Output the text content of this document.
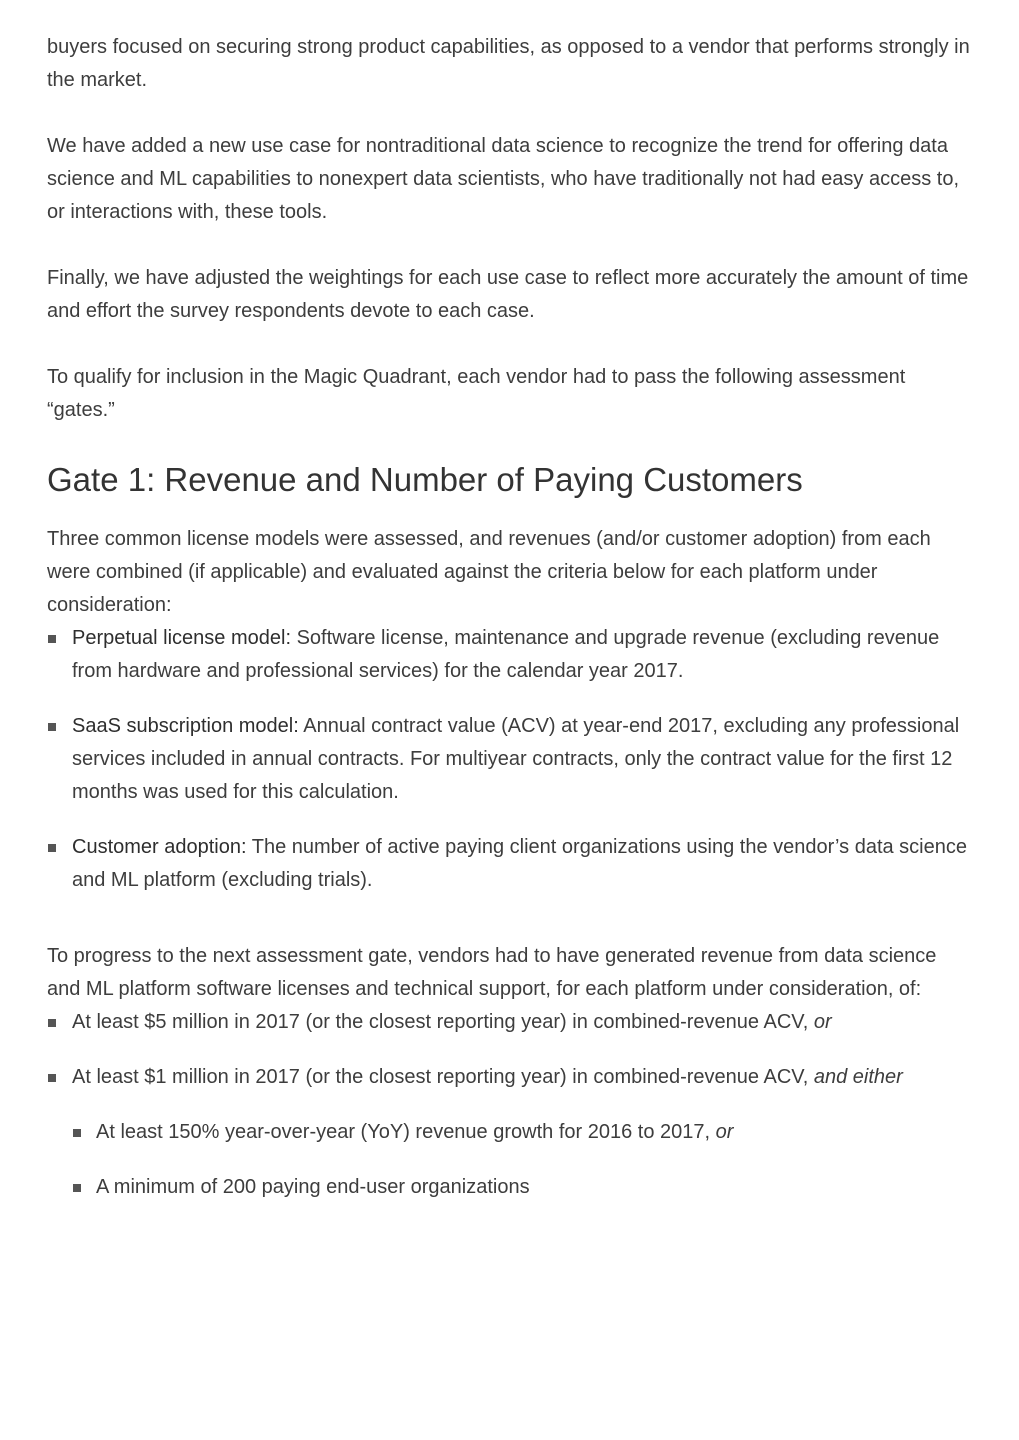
buyers focused on securing strong product capabilities, as opposed to a vendor that performs strongly in the market.

We have added a new use case for nontraditional data science to recognize the trend for offering data science and ML capabilities to nonexpert data scientists, who have traditionally not had easy access to, or interactions with, these tools.

Finally, we have adjusted the weightings for each use case to reflect more accurately the amount of time and effort the survey respondents devote to each case.

To qualify for inclusion in the Magic Quadrant, each vendor had to pass the following assessment “gates.”

Gate 1: Revenue and Number of Paying Customers

Three common license models were assessed, and revenues (and/or customer adoption) from each were combined (if applicable) and evaluated against the criteria below for each platform under consideration:

Perpetual license model: Software license, maintenance and upgrade revenue (excluding revenue from hardware and professional services) for the calendar year 2017.
SaaS subscription model: Annual contract value (ACV) at year-end 2017, excluding any professional services included in annual contracts. For multiyear contracts, only the contract value for the first 12 months was used for this calculation.
Customer adoption: The number of active paying client organizations using the vendor’s data science and ML platform (excluding trials).

To progress to the next assessment gate, vendors had to have generated revenue from data science and ML platform software licenses and technical support, for each platform under consideration, of:

At least $5 million in 2017 (or the closest reporting year) in combined-revenue ACV, or
At least $1 million in 2017 (or the closest reporting year) in combined-revenue ACV, and either
At least 150% year-over-year (YoY) revenue growth for 2016 to 2017, or
A minimum of 200 paying end-user organizations
